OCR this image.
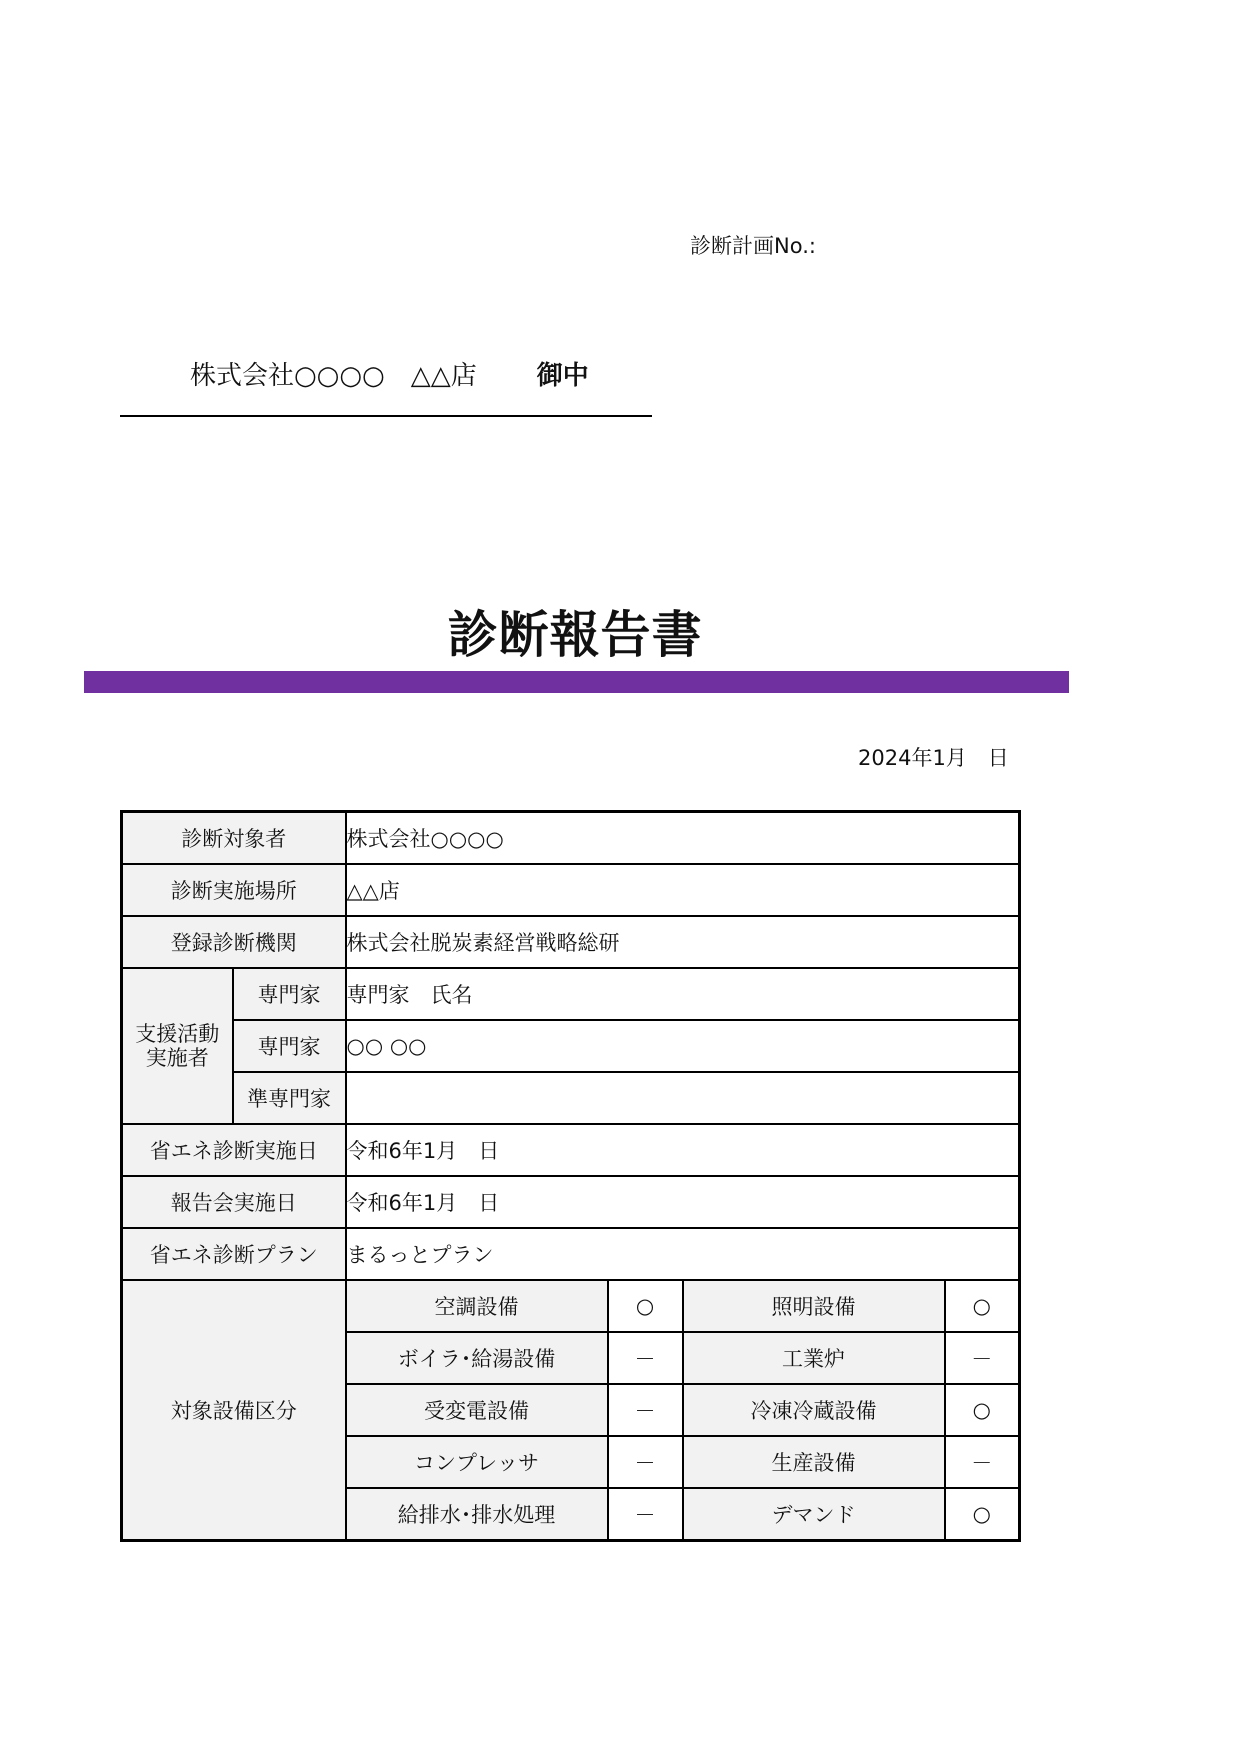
診断計画No.:
株式会社○○○○　△△店 御中
診断報告書
2024年1月　日
診断対象者		株式会社○○○○			
診断実施場所		△△店			
登録診断機関		株式会社脱炭素経営戦略総研			
支援活動実施者	専門家	専門家　氏名			
	専門家	○○ ○○			
	準専門家				
省エネ診断実施日		令和6年1月　日			
報告会実施日		令和6年1月　日			
省エネ診断プラン		まるっとプラン			
対象設備区分		空調設備	○	照明設備	○
		ボイラ･給湯設備	－	工業炉	－
		受変電設備	－	冷凍冷蔵設備	○
		コンプレッサ	－	生産設備	－
		給排水･排水処理	－	デマンド	○
